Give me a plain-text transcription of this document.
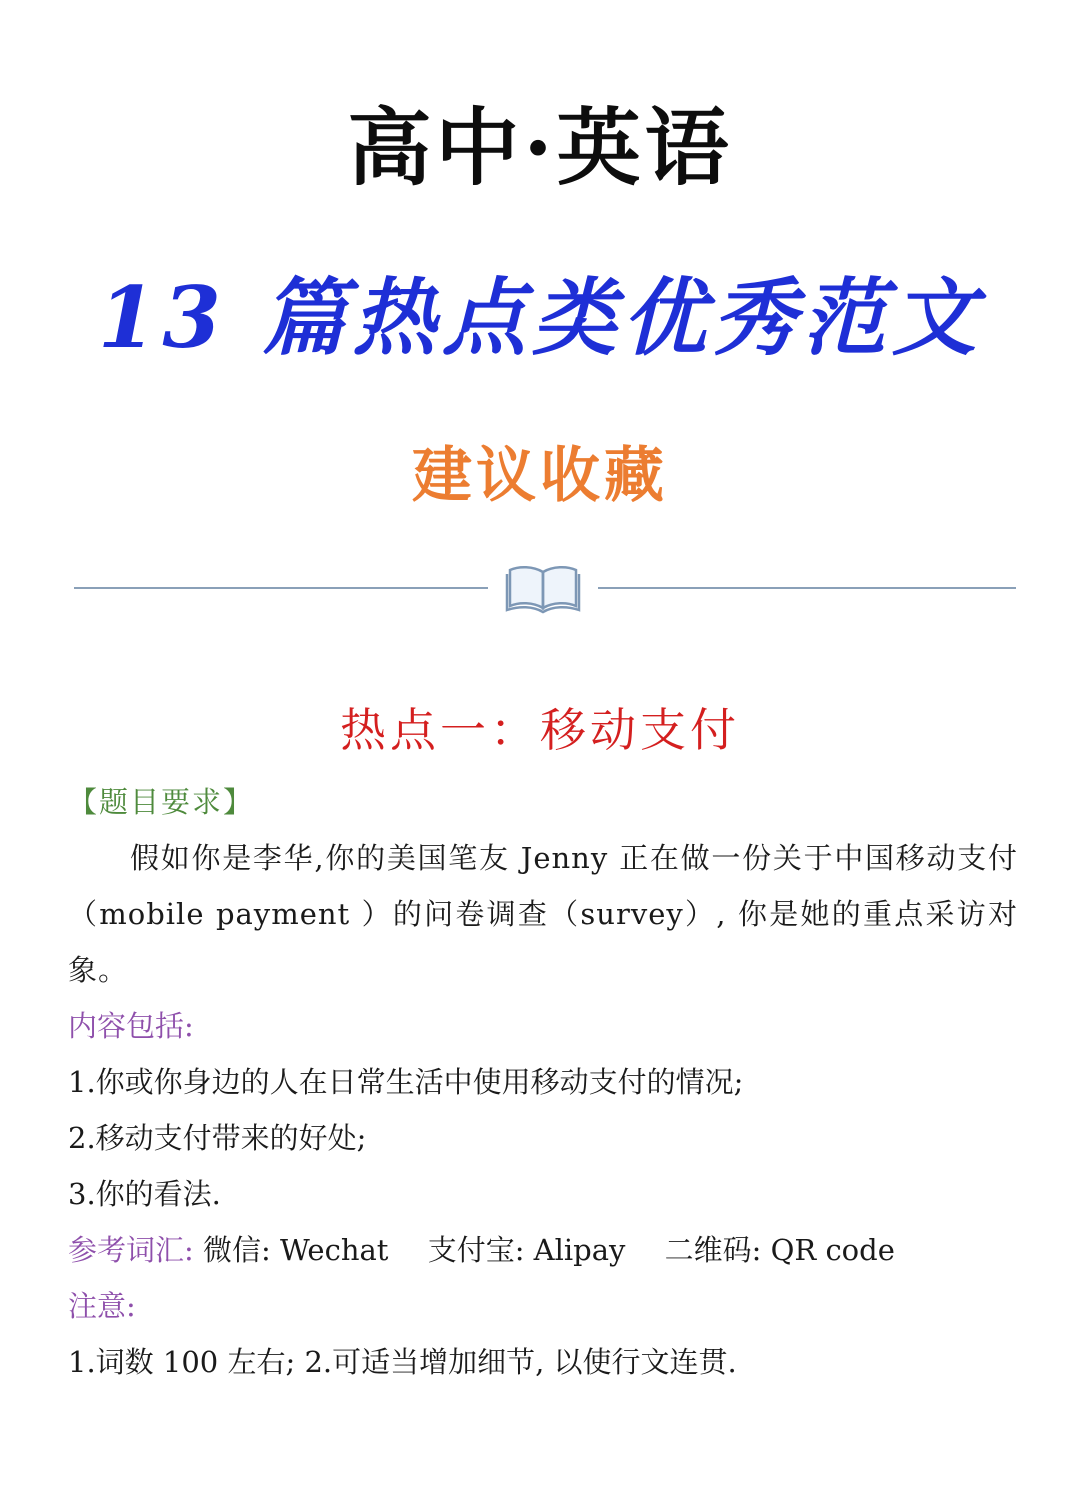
高中·英语
13 篇热点类优秀范文
建议收藏
热点一：移动支付

【题目要求】

假如你是李华,你的美国笔友 Jenny 正在做一份关于中国移动支付（mobile payment ）的问卷调查（survey）, 你是她的重点采访对象。

内容包括:

1.你或你身边的人在日常生活中使用移动支付的情况;

2.移动支付带来的好处;

3.你的看法.

参考词汇: 微信: Wechat 支付宝: Alipay 二维码: QR code

注意:

1.词数 100 左右; 2.可适当增加细节, 以使行文连贯.
